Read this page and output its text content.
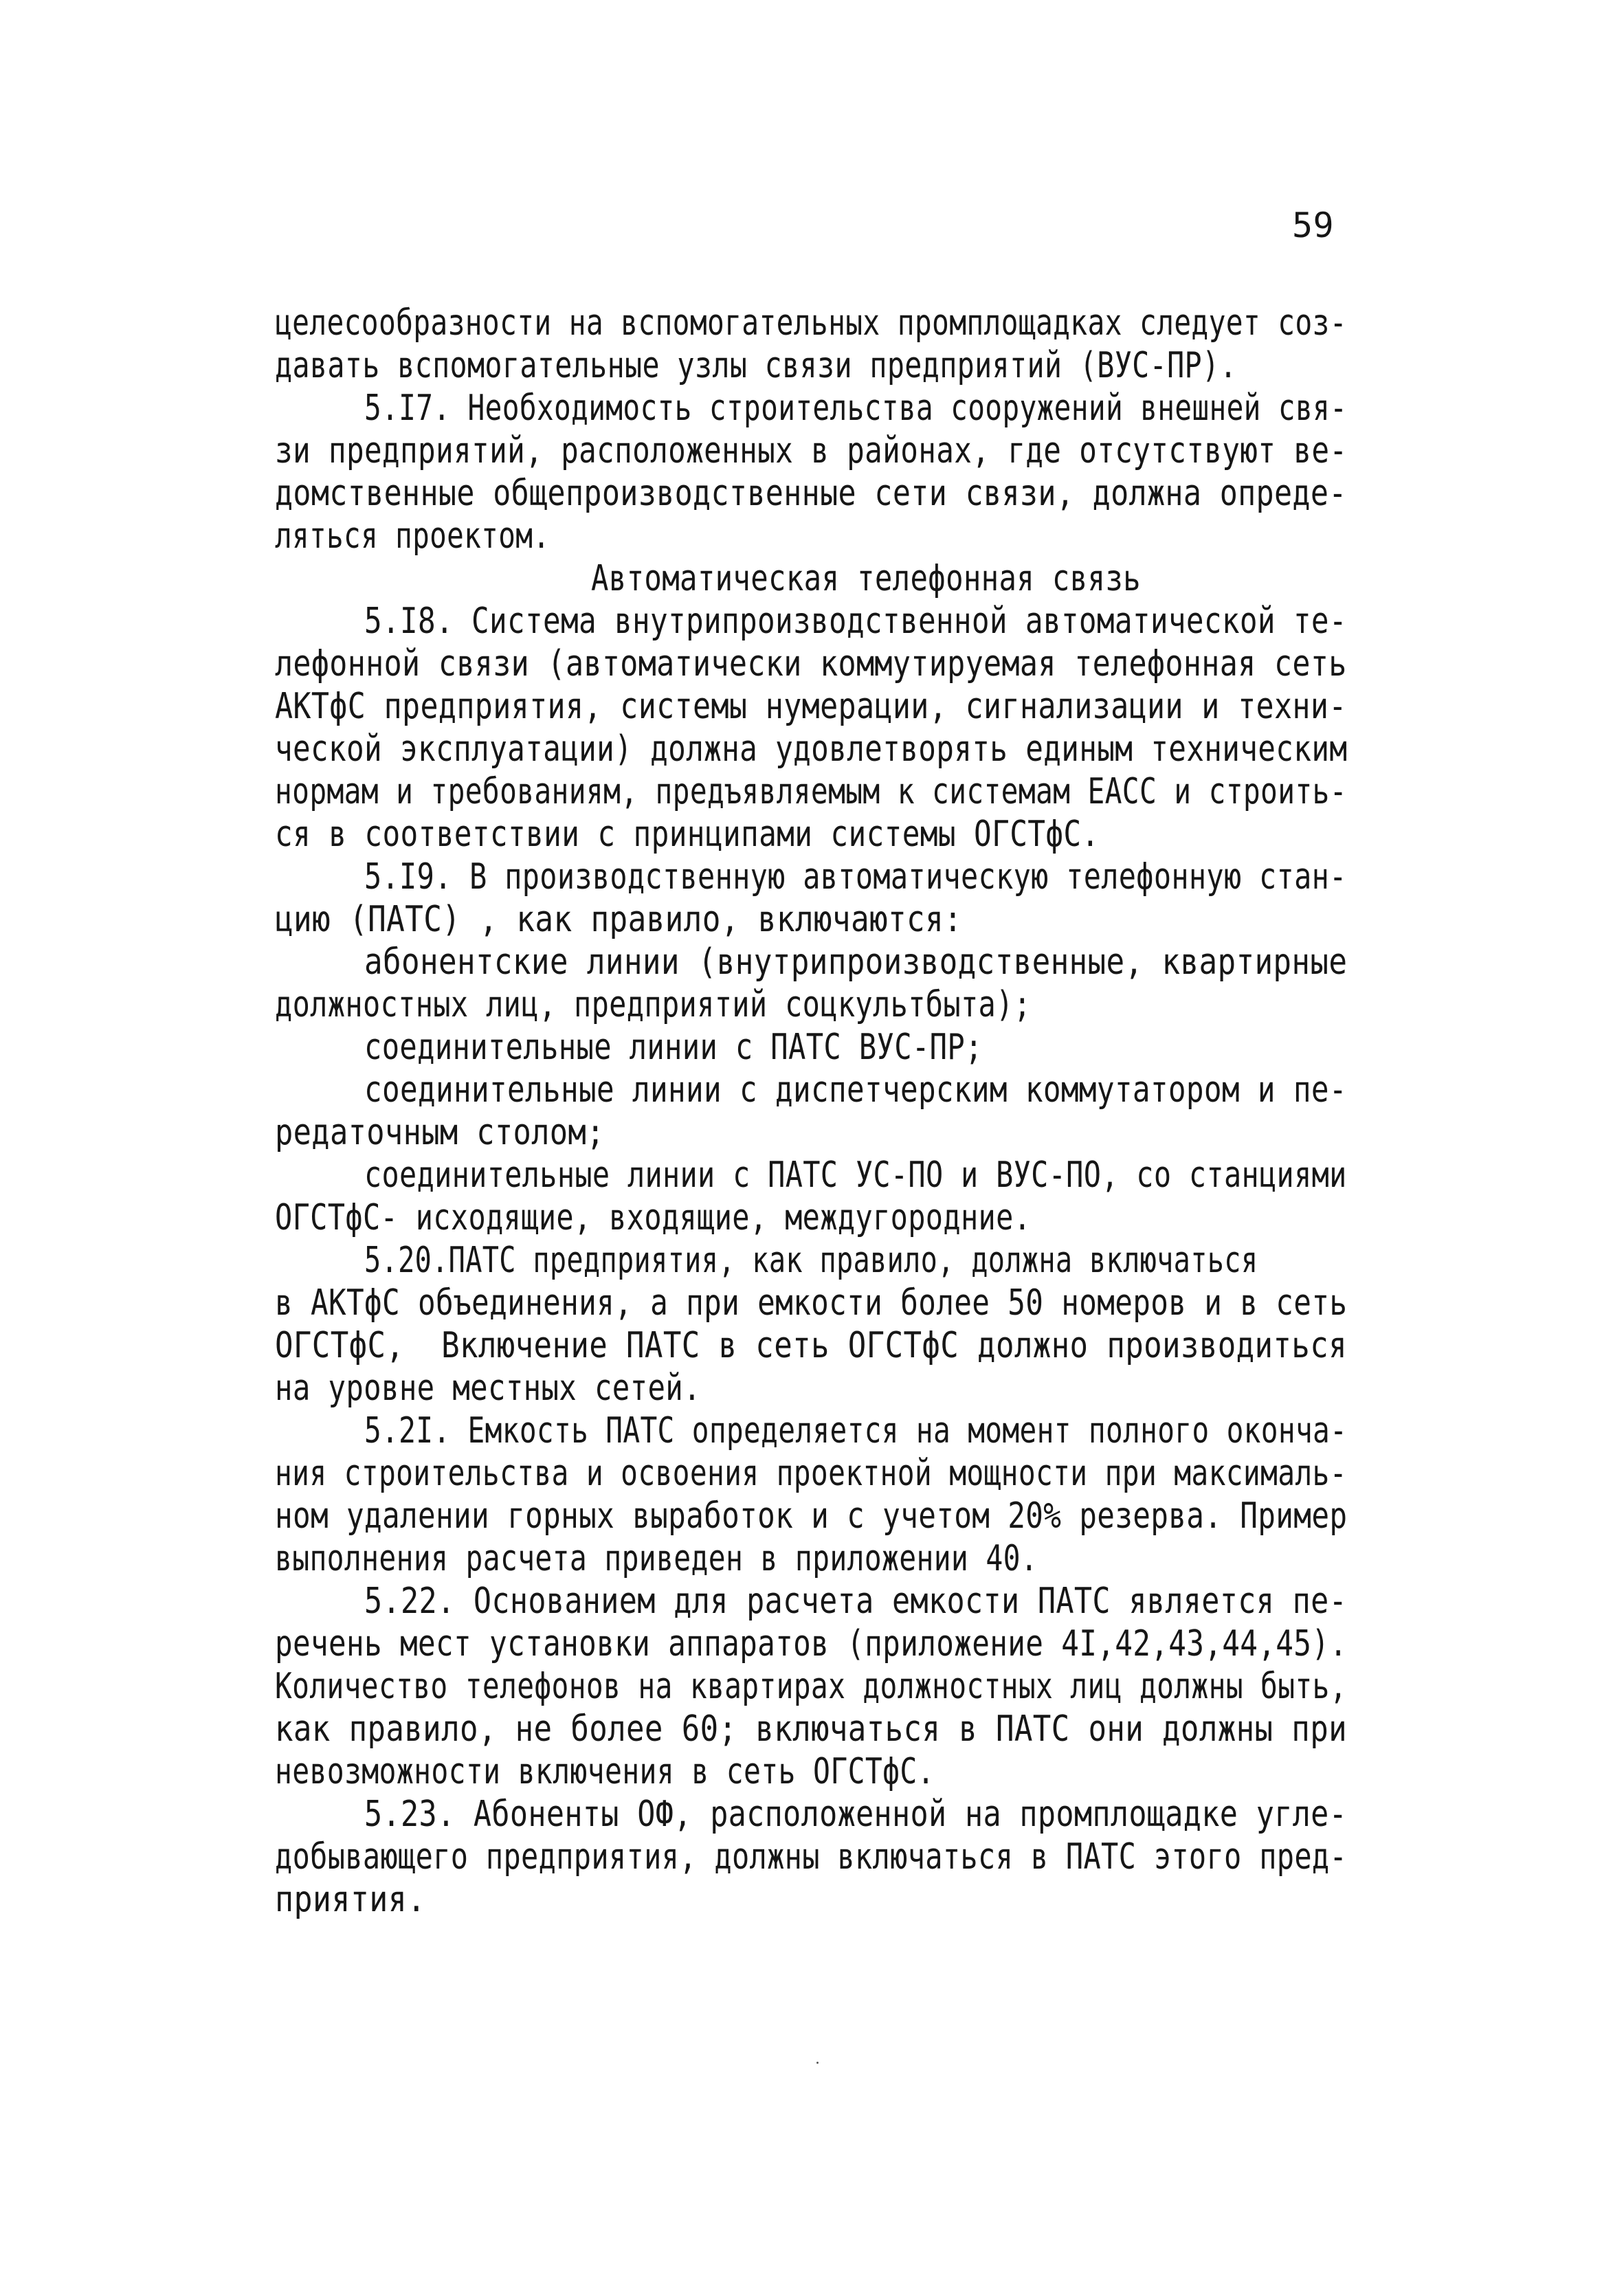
59
целесообразности на вспомогательных промплощадках следует соз-
давать вспомогательные узлы связи предприятий (ВУС-ПР).
5.I7. Необходимость строительства сооружений внешней свя-
зи предприятий, расположенных в районах, где отсутствуют ве-
домственные общепроизводственные сети связи, должна опреде-
ляться проектом.
Автоматическая телефонная связь
5.I8. Система внутрипроизводственной автоматической те-
лефонной связи (автоматически коммутируемая телефонная сеть
АКТфС предприятия, системы нумерации, сигнализации и техни-
ческой эксплуатации) должна удовлетворять единым техническим
нормам и требованиям, предъявляемым к системам ЕАСС и строить-
ся в соответствии с принципами системы ОГСТфС.
5.I9. В производственную автоматическую телефонную стан-
цию (ПАТС) , как правило, включаются:
абонентские линии (внутрипроизводственные, квартирные
должностных лиц, предприятий соцкультбыта);
соединительные линии с ПАТС ВУС-ПР;
соединительные линии с диспетчерским коммутатором и пе-
редаточным столом;
соединительные линии с ПАТС УС-ПО и ВУС-ПО, со станциями
ОГСТфС- исходящие, входящие, междугородние.
5.20.ПАТС предприятия, как правило, должна включаться
в АКТфС объединения, а при емкости более 50 номеров и в сеть
ОГСТфС,  Включение ПАТС в сеть ОГСТфС должно производиться
на уровне местных сетей.
5.2I. Емкость ПАТС определяется на момент полного оконча-
ния строительства и освоения проектной мощности при максималь-
ном удалении горных выработок и с учетом 20% резерва. Пример
выполнения расчета приведен в приложении 40.
5.22. Основанием для расчета емкости ПАТС является пе-
речень мест установки аппаратов (приложение 4I,42,43,44,45).
Количество телефонов на квартирах должностных лиц должны быть,
как правило, не более 60; включаться в ПАТС они должны при
невозможности включения в сеть ОГСТфС.
5.23. Абоненты ОФ, расположенной на промплощадке угле-
добывающего предприятия, должны включаться в ПАТС этого пред-
приятия.
